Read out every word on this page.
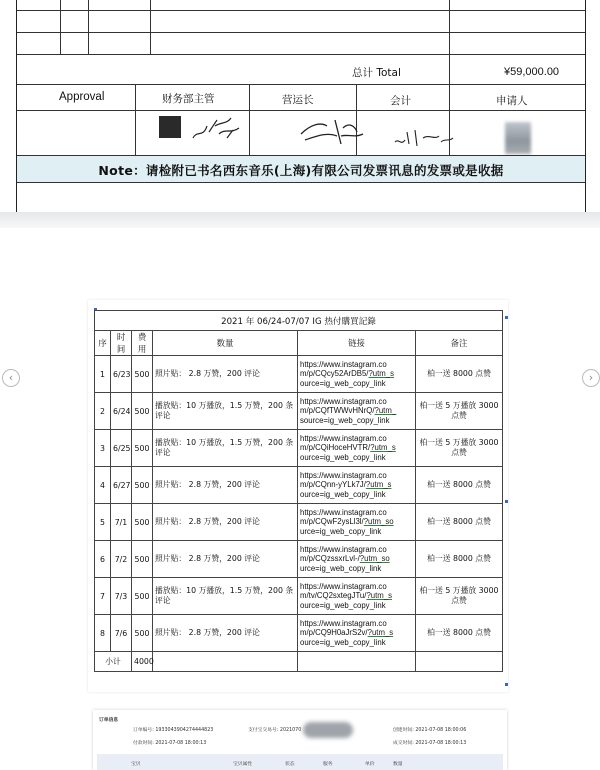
总计 Total	¥59,000.00
Approval	财务部主管	营运长	会计	申请人
Note：请检附已书名西东音乐(上海)有限公司发票讯息的发票或是收据
‹	›
2021 年 06/24-07/07 IG 热付購買記錄					
序	时间	费用	数量	链接	备注
1	6/23	500	照片贴： 2.8 万赞，200 评论	https://www.instagram.co
m/p/CQcy52ArDB5/?utm_s
ource=ig_web_copy_link	柏一送 8000 点赞
2	6/24	500	播放贴：10 万播放，1.5 万赞，200 条评论	https://www.instagram.co
m/p/CQfTWWvHNrQ/?utm_
source=ig_web_copy_link	柏一送 5 万播放 3000 点赞
3	6/25	500	播放贴：10 万播放，1.5 万赞，200 条评论	https://www.instagram.co
m/p/CQiHoceHVTR/?utm_s
ource=ig_web_copy_link	柏一送 5 万播放 3000 点赞
4	6/27	500	照片贴： 2.8 万赞，200 评论	https://www.instagram.co
m/p/CQnn-yYLk7J/?utm_s
ource=ig_web_copy_link	柏一送 8000 点赞
5	7/1	500	照片贴： 2.8 万赞，200 评论	https://www.instagram.co
m/p/CQwF2ysLl3l/?utm_so
urce=ig_web_copy_link	柏一送 8000 点赞
6	7/2	500	照片贴： 2.8 万赞，200 评论	https://www.instagram.co
m/p/CQzssxrLvl-/?utm_so
urce=ig_web_copy_link	柏一送 8000 点赞
7	7/3	500	播放贴：10 万播放，1.5 万赞，200 条评论	https://www.instagram.co
m/tv/CQ2sxtegJTu/?utm_s
ource=ig_web_copy_link	柏一送 5 万播放 3000 点赞
8	7/6	500	照片贴： 2.8 万赞，200 评论	https://www.instagram.co
m/p/CQ9H0aJrS2v/?utm_s
ource=ig_web_copy_link	柏一送 8000 点赞
小计		4000			
订单信息
订单编号: 1933043904274444823	支付宝交易号: 2021070	创建时间: 2021-07-08 18:00:06
付款时间: 2021-07-08 18:00:13	成交时间: 2021-07-08 18:00:13
宝贝	宝贝属性	状态	服务	单价	数量
